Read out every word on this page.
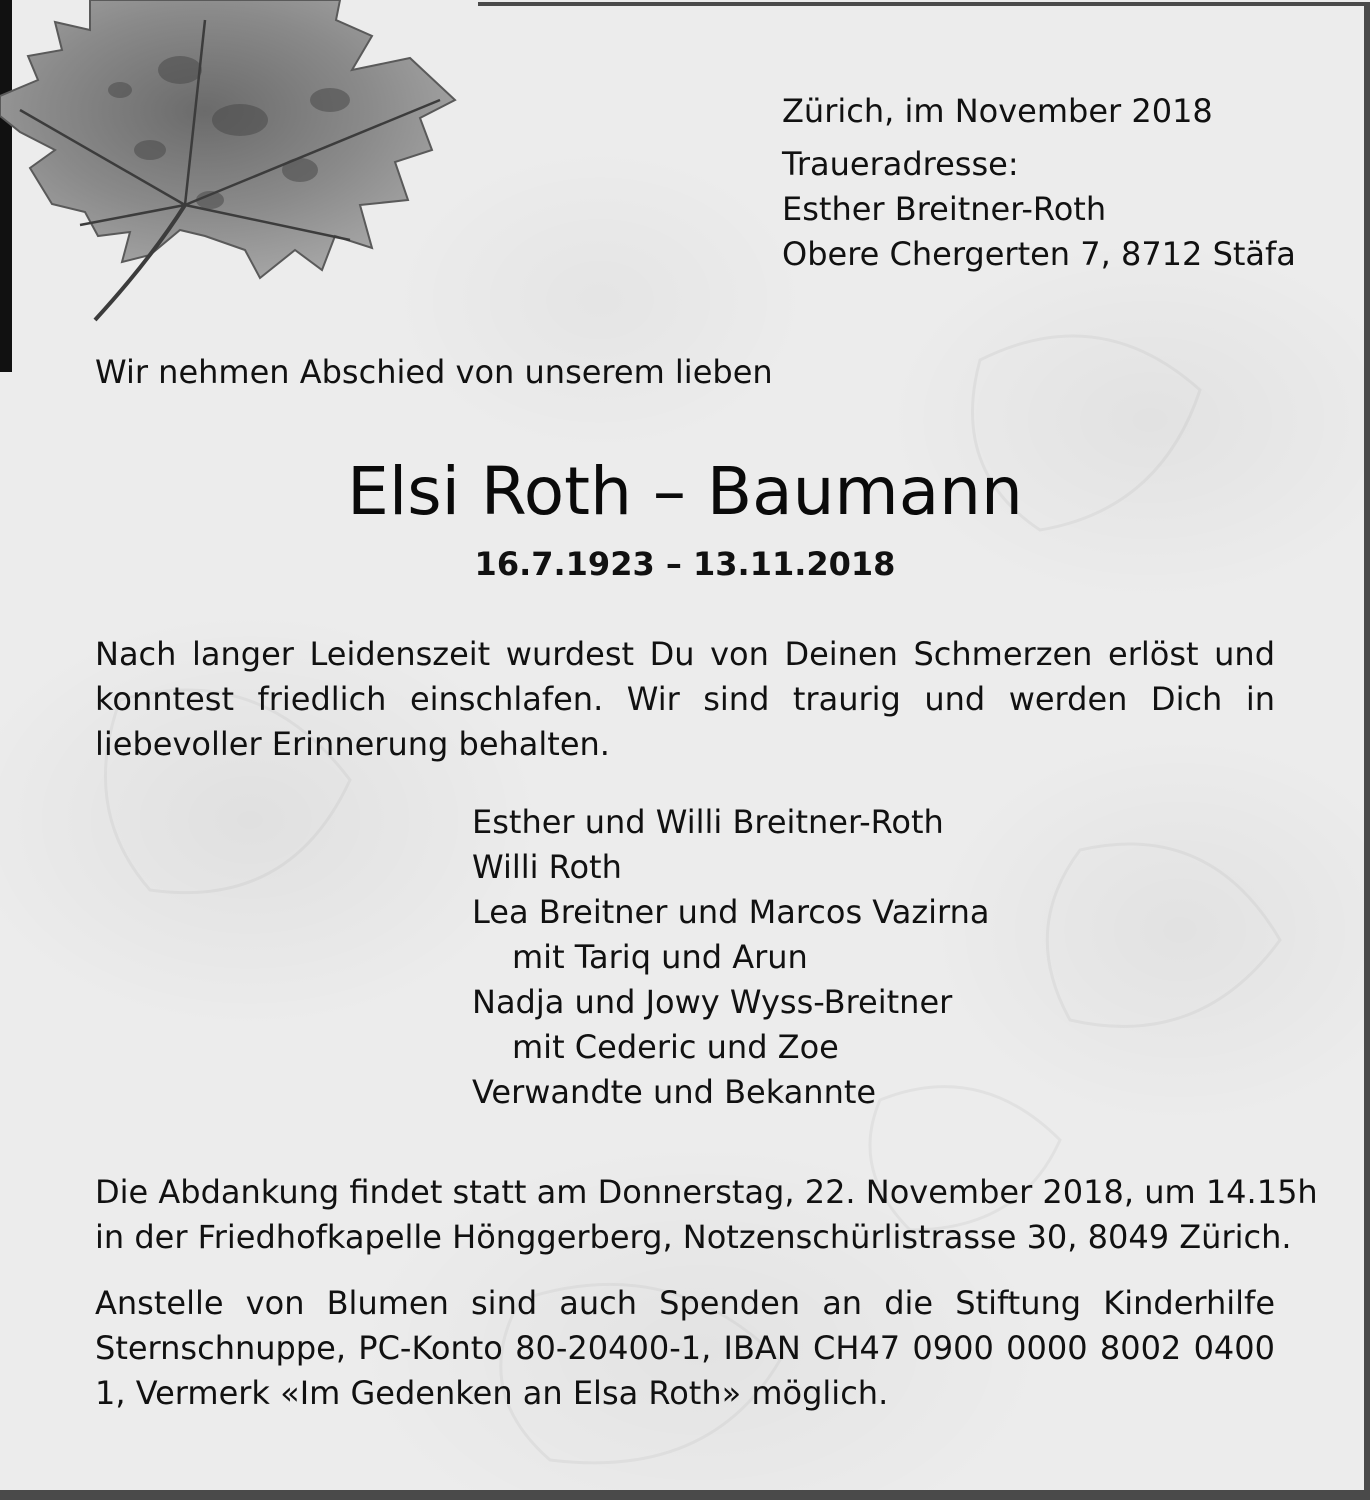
Zürich, im November 2018
Traueradresse:
Esther Breitner-Roth
Obere Chergerten 7, 8712 Stäfa
Wir nehmen Abschied von unserem lieben
Elsi Roth – Baumann
16.7.1923 – 13.11.2018
Nach langer Leidenszeit wurdest Du von Deinen Schmerzen erlöst und konntest friedlich einschlafen. Wir sind traurig und werden Dich in liebevoller Erinnerung behalten.
Esther und Willi Breitner-Roth
Willi Roth
Lea Breitner und Marcos Vazirna
mit Tariq und Arun
Nadja und Jowy Wyss-Breitner
mit Cederic und Zoe
Verwandte und Bekannte
Die Abdankung findet statt am Donnerstag, 22. November 2018, um 14.15h
in der Friedhofkapelle Hönggerberg, Notzenschürlistrasse 30, 8049 Zürich.
Anstelle von Blumen sind auch Spenden an die Stiftung Kinderhilfe Sternschnuppe, PC-Konto 80-20400-1, IBAN CH47 0900 0000 8002 0400 1, Vermerk «Im Gedenken an Elsa Roth» möglich.
